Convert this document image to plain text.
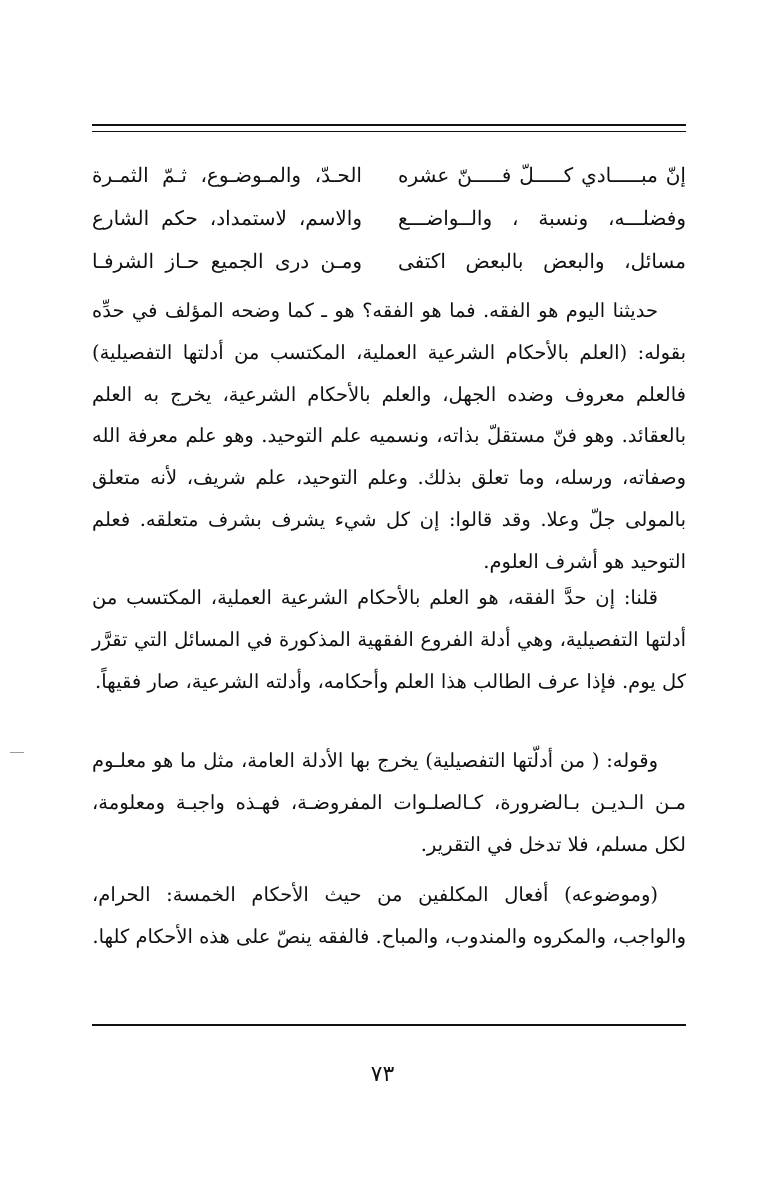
إنّ مبـــــادي كـــــلّ فـــــنّ عشره
الحـدّ، والمـوضـوع، ثـمّ الثمـرة
وفضلـــه، ونسبة ، والــواضـــع
والاسم، لاستمداد، حكم الشارع
مسائل، والبعض بالبعض اكتفى
ومـن درى الجميع حـاز الشرفـا

حديثنا اليوم هو الفقه. فما هو الفقه؟ هو ـ كما وضحه المؤلف في حدِّه بقوله: (العلم بالأحكام الشرعية العملية، المكتسب من أدلتها التفصيلية) فالعلم معروف وضده الجهل، والعلم بالأحكام الشرعية، يخرج به العلم بالعقائد. وهو فنّ مستقلّ بذاته، ونسميه علم التوحيد. وهو علم معرفة الله وصفاته، ورسله، وما تعلق بذلك. وعلم التوحيد، علم شريف، لأنه متعلق بالمولى جلّ وعلا. وقد قالوا: إن كل شيء يشرف بشرف متعلقه. فعلم التوحيد هو أشرف العلوم.

قلنا: إن حدَّ الفقه، هو العلم بالأحكام الشرعية العملية، المكتسب من أدلتها التفصيلية، وهي أدلة الفروع الفقهية المذكورة في المسائل التي تقرَّر كل يوم. فإذا عرف الطالب هذا العلم وأحكامه، وأدلته الشرعية، صار فقيهاً.

وقوله: ( من أدلّتها التفصيلية) يخرج بها الأدلة العامة، مثل ما هو معلـوم مـن الـديـن بـالضرورة، كـالصلـوات المفروضـة، فهـذه واجبـة ومعلومة، لكل مسلم، فلا تدخل في التقرير.

(وموضوعه) أفعال المكلفين من حيث الأحكام الخمسة: الحرام، والواجب، والمكروه والمندوب، والمباح. فالفقه ينصّ على هذه الأحكام كلها.

٧٣
